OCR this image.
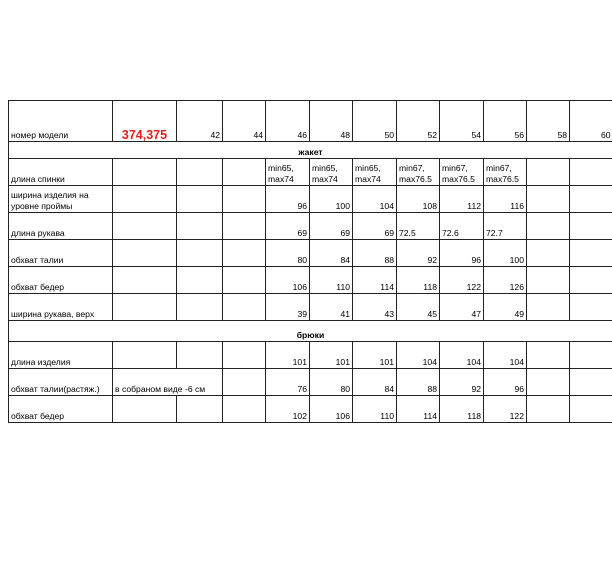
номер модели	374,375	42	44	46	48	50	52	54	56	58	60
жакет											
длина спинки				min65, max74	min65, max74	min65, max74	min67, max76.5	min67, max76.5	min67, max76.5		
ширина изделия на уровне проймы				96	100	104	108	112	116		
длина рукава				69	69	69	72.5	72.6	72.7		
обхват талии				80	84	88	92	96	100		
обхват бедер				106	110	114	118	122	126		
ширина рукава, верх				39	41	43	45	47	49		
брюки											
длина изделия				101	101	101	104	104	104		
обхват талии(растяж.)	в собраном виде -6 см			76	80	84	88	92	96		
обхват бедер				102	106	110	114	118	122		
